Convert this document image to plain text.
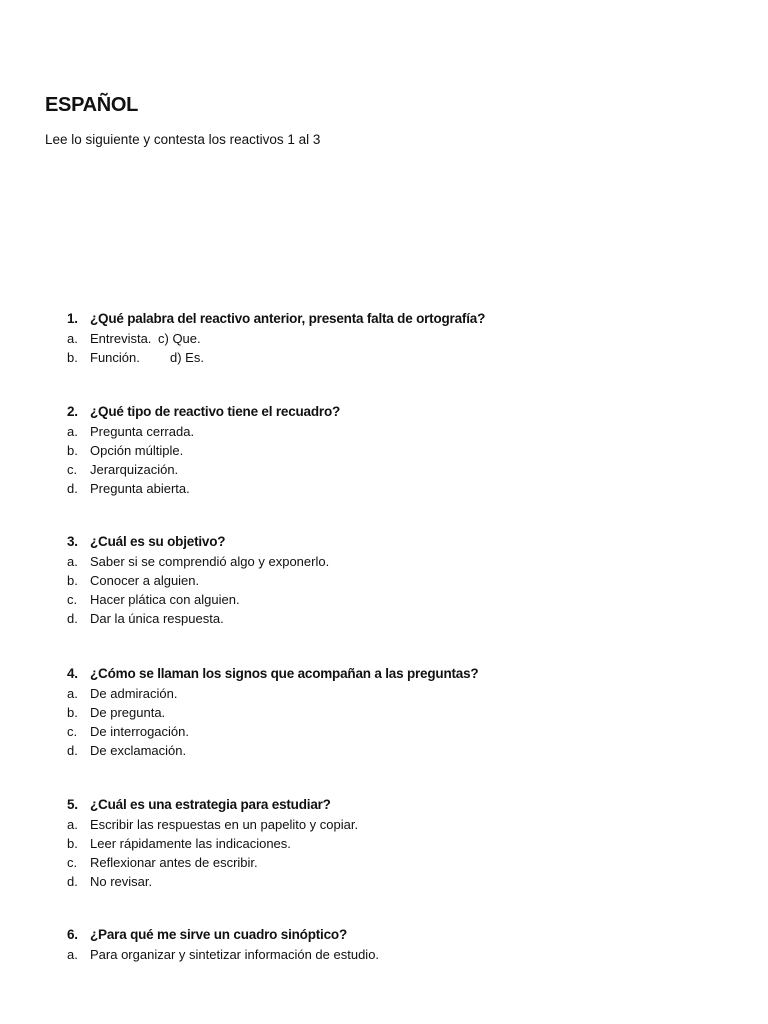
ESPAÑOL

Lee lo siguiente y contesta los reactivos 1 al 3

1. ¿Qué palabra del reactivo anterior, presenta falta de ortografía?
a. Entrevista. c) Que.
b. Función. d) Es.
2. ¿Qué tipo de reactivo tiene el recuadro?
a. Pregunta cerrada.
b. Opción múltiple.
c. Jerarquización.
d. Pregunta abierta.
3. ¿Cuál es su objetivo?
a. Saber si se comprendió algo y exponerlo.
b. Conocer a alguien.
c. Hacer plática con alguien.
d. Dar la única respuesta.
4. ¿Cómo se llaman los signos que acompañan a las preguntas?
a. De admiración.
b. De pregunta.
c. De interrogación.
d. De exclamación.
5. ¿Cuál es una estrategia para estudiar?
a. Escribir las respuestas en un papelito y copiar.
b. Leer rápidamente las indicaciones.
c. Reflexionar antes de escribir.
d. No revisar.
6. ¿Para qué me sirve un cuadro sinóptico?
a. Para organizar y sintetizar información de estudio.
